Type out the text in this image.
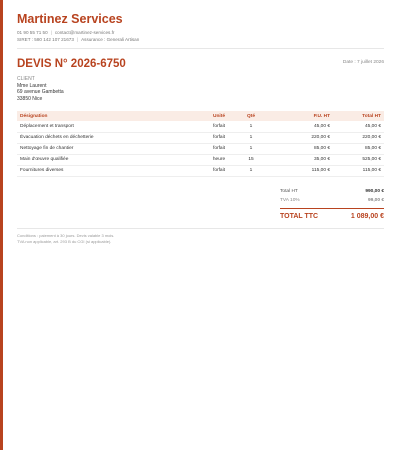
Martinez Services
01 90 55 71 50 | contact@martinez-services.fr
SIRET : 580 142 107 21673 | Assurance : Generali Artisan
DEVIS N° 2026-6750	Date : 7 juillet 2026
CLIENT
Mme Laurent
69 avenue Gambetta
33850 Nice
Désignation	Unité	Qté	P.U. HT	Total HT
Déplacement et transport	forfait	1	45,00 €	45,00 €
Évacuation déchets en déchetterie	forfait	1	220,00 €	220,00 €
Nettoyage fin de chantier	forfait	1	85,00 €	85,00 €
Main d'œuvre qualifiée	heure	15	35,00 €	525,00 €
Fournitures diverses	forfait	1	115,00 €	115,00 €
Total HT	990,00 €
TVA 10%	99,00 €
TOTAL TTC	1 089,00 €
Conditions : paiement à 30 jours. Devis valable 3 mois.
TVA non applicable, art. 293 B du CGI (si applicable).
